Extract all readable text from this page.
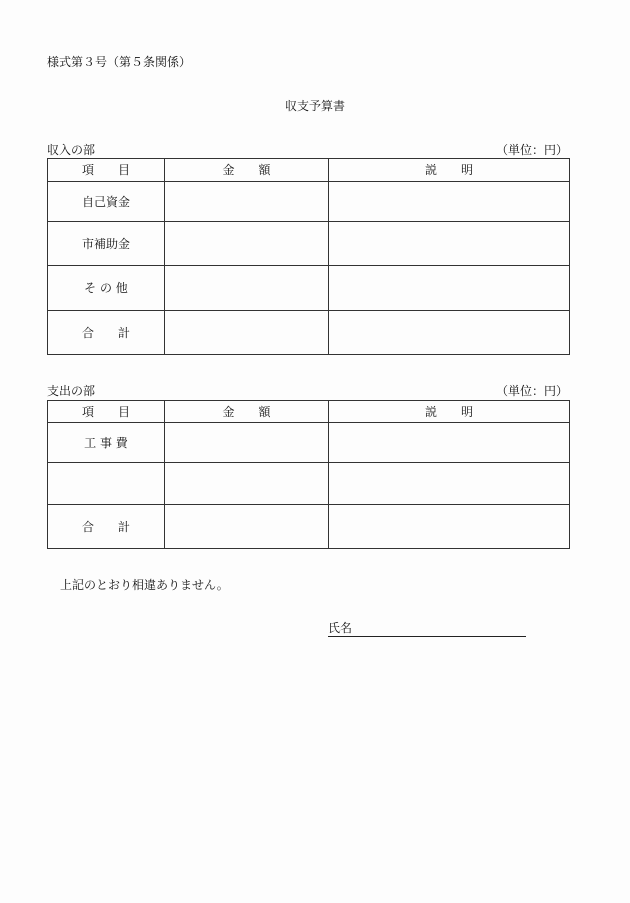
様式第３号（第５条関係）
収支予算書
収入の部	（単位：円）
項　　目	金　　額	説　　明
自己資金		
市補助金		
そ の 他		
合　　計		
支出の部	（単位：円）
項　　目	金　　額	説　　明
工 事 費		

合　　計		
上記のとおり相違ありません。
氏名
